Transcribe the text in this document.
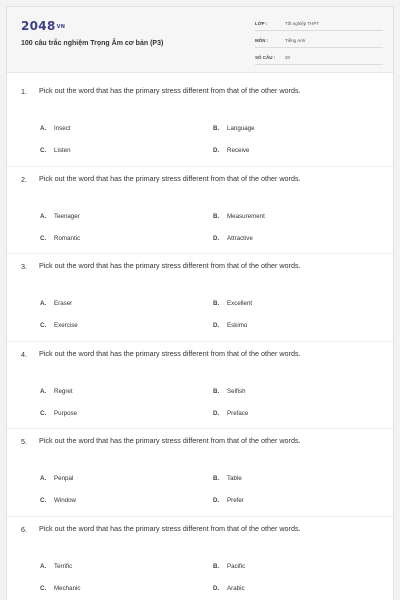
2048VN
100 câu trắc nghiệm Trọng Âm cơ bản (P3)
LỚP :	Tốt nghiệp THPT
MÔN :	Tiếng Anh
SỐ CÂU :	20
1. Pick out the word that has the primary stress different from that of the other words.

A.	Insect	B.	Language
C.	Listen	D.	Receive
2. Pick out the word that has the primary stress different from that of the other words.

A.	Teenager	B.	Measurement
C.	Romantic	D.	Attractive
3. Pick out the word that has the primary stress different from that of the other words.

A.	Eraser	B.	Excellent
C.	Exercise	D.	Eskimo
4. Pick out the word that has the primary stress different from that of the other words.

A.	Regret	B.	Selfish
C.	Purpose	D.	Preface
5. Pick out the word that has the primary stress different from that of the other words.

A.	Penpal	B.	Table
C.	Window	D.	Prefer
6. Pick out the word that has the primary stress different from that of the other words.

A.	Terrific	B.	Pacific
C.	Mechanic	D.	Arabic
